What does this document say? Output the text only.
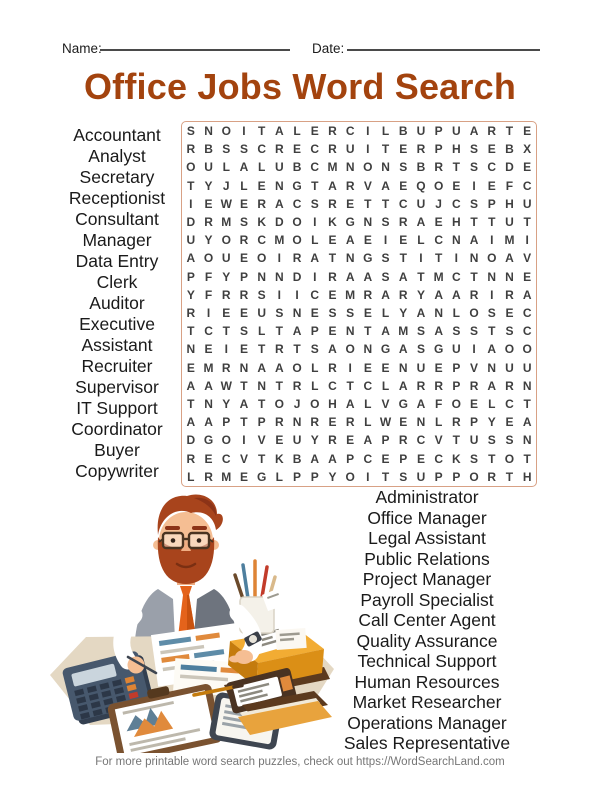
Name:	Date:
Office Jobs Word Search
Accountant
Analyst
Secretary
Receptionist
Consultant
Manager
Data Entry
Clerk
Auditor
Executive
Assistant
Recruiter
Supervisor
IT Support
Coordinator
Buyer
Copywriter
S N O I	T A L E R C I	L B U P U A R T E
R B S S C R E C R U I	T E R P H S E B X
O U L A L U B C M N O N S B R T S C D E
T Y J L E N G T A R V A E Q O E	I	E F C
I	E W E R A C S R E T T C U J C S P H U
D R M S K D O I K G N S R A E H T T U T
U Y O R C M O L E A E	I	E L C N A I M I
A O U E O I R A T N G S T	I	T	I N O A V
P F Y P N N D I R A A S A T M C T N N E
Y F R R S	I	I C E M R A R Y A A R I R A
R I	E E U S N E S S E L Y A N L O S E C
T C T S L T A P E N T A M S A S S T S C
N E	I	E T R T S A O N G A S G U I A O O
E M R N A A O L R I	E E N U E P V N U U
A A W T N T R L C T C L A R R P R A R N
T N Y A T O J O H A L V G A F O E L C T
A A P T P R N R E R L W E N L R P Y E A
D G O I	V E U Y R E A P R C V T U S S N
R E C V T K B A A P C E P E C K S T O T
L R M E G L P P Y O I	T S U P P O R T H
Administrator
Office Manager
Legal Assistant
Public Relations
Project Manager
Payroll Specialist
Call Center Agent
Quality Assurance
Technical Support
Human Resources
Market Researcher
Operations Manager
Sales Representative
For more printable word search puzzles, check out https://WordSearchLand.com
